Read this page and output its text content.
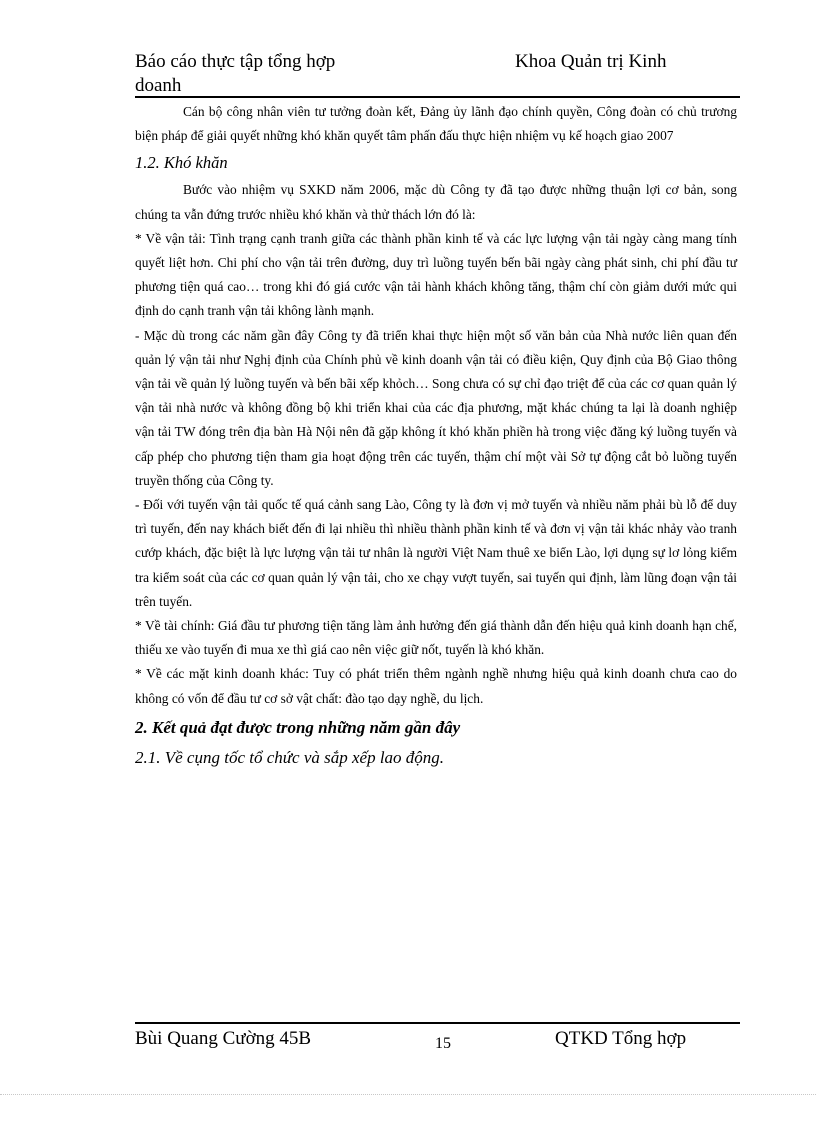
Báo cáo thực tập tổng hợp doanh
Khoa Quản trị Kinh

Cán bộ công nhân viên tư tưởng đoàn kết, Đảng ủy lãnh đạo chính quyền, Công đoàn có chủ trương biện pháp để giải quyết những khó khăn quyết tâm phấn đấu thực hiện nhiệm vụ kế hoạch giao 2007

1.2. Khó khăn

Bước vào nhiệm vụ SXKD năm 2006, mặc dù Công ty đã tạo được những thuận lợi cơ bản, song chúng ta vẫn đứng trước nhiều khó khăn và thử thách lớn đó là:

* Về vận tải: Tình trạng cạnh tranh giữa các thành phần kinh tế và các lực lượng vận tải ngày càng mang tính quyết liệt hơn. Chi phí cho vận tải trên đường, duy trì luồng tuyến bến bãi ngày càng phát sinh, chi phí đầu tư phương tiện quá cao… trong khi đó giá cước vận tải hành khách không tăng, thậm chí còn giảm dưới mức qui định do cạnh tranh vận tải không lành mạnh.

- Mặc dù trong các năm gần đây Công ty đã triển khai thực hiện một số văn bản của Nhà nước liên quan đến quản lý vận tải như Nghị định của Chính phủ về kinh doanh vận tải có điều kiện, Quy định của Bộ Giao thông vận tải về quản lý luồng tuyến và bến bãi xếp khỏch… Song chưa có sự chỉ đạo triệt để của các cơ quan quản lý vận tải nhà nước và không đồng bộ khi triển khai của các địa phương, mặt khác chúng ta lại là doanh nghiệp vận tải TW đóng trên địa bàn Hà Nội nên đã gặp không ít khó khăn phiền hà trong việc đăng ký luồng tuyến và cấp phép cho phương tiện tham gia hoạt động trên các tuyến, thậm chí một vài Sở tự động cắt bỏ luồng tuyến truyền thống của Công ty.

- Đối với tuyến vận tải quốc tế quá cảnh sang Lào, Công ty là đơn vị mở tuyến và nhiều năm phải bù lỗ để duy trì tuyến, đến nay khách biết đến đi lại nhiều thì nhiều thành phần kinh tế và đơn vị vận tải khác nhảy vào tranh cướp khách, đặc biệt là lực lượng vận tải tư nhân là người Việt Nam thuê xe biển Lào, lợi dụng sự lơ lỏng kiểm tra kiểm soát của các cơ quan quản lý vận tải, cho xe chạy vượt tuyến, sai tuyến qui định, làm lũng đoạn vận tải trên tuyến.

* Về tài chính: Giá đầu tư phương tiện tăng làm ảnh hưởng đến giá thành dẫn đến hiệu quả kinh doanh hạn chế, thiếu xe vào tuyến đi mua xe thì giá cao nên việc giữ nốt, tuyến là khó khăn.

* Về các mặt kinh doanh khác: Tuy có phát triển thêm ngành nghề nhưng hiệu quả kinh doanh chưa cao do không có vốn để đầu tư cơ sở vật chất: đào tạo dạy nghề, du lịch.

2. Kết quả đạt được trong những năm gần đây

2.1. Về cụng tốc tổ chức và sắp xếp lao động.

Bùi Quang Cường 45B	15	QTKD Tổng hợp
